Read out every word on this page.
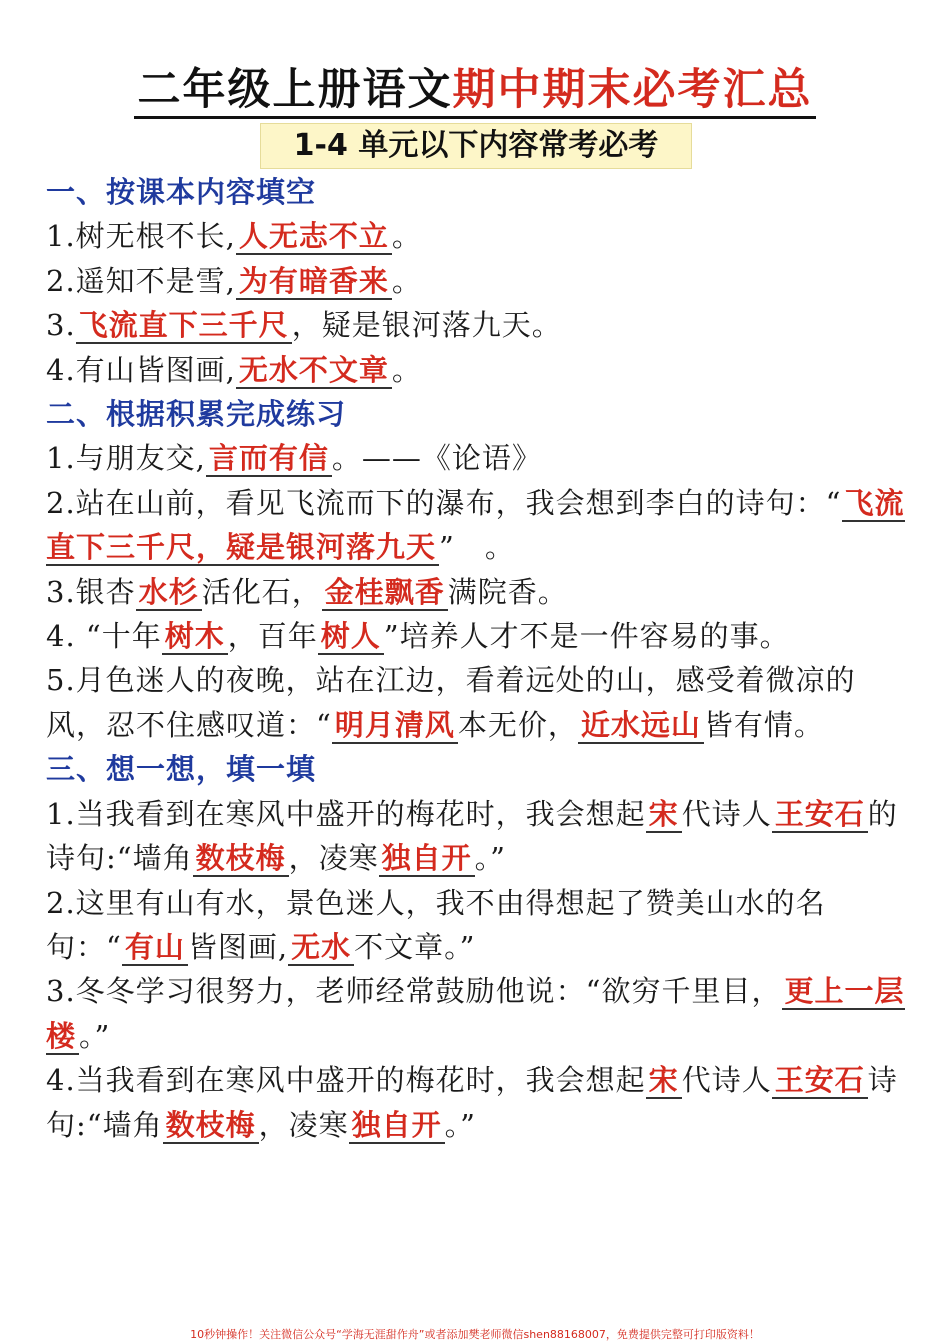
二年级上册语文期中期末必考汇总
1-4 单元以下内容常考必考

一、按课本内容填空

1.树无根不长, 人无志不立 。

2.遥知不是雪, 为有暗香来 。

3. 飞流直下三千尺 ，疑是银河落九天。

4.有山皆图画, 无水不文章 。

二、根据积累完成练习

1.与朋友交, 言而有信 。——《论语》

2.站在山前，看见飞流而下的瀑布，我会想到李白的诗句：“ 飞流直下三千尺，疑是银河落九天 ”　。

3.银杏 水杉 活化石， 金桂飘香 满院香。

4. “十年 树木 ，百年 树人 ”培养人才不是一件容易的事。

5.月色迷人的夜晚，站在江边，看着远处的山，感受着微凉的风，忍不住感叹道：“ 明月清风 本无价， 近水远山 皆有情。

三、想一想，填一填

1.当我看到在寒风中盛开的梅花时，我会想起 宋 代诗人 王安石 的诗句:“墙角 数枝梅 ，凌寒 独自开 。”

2.这里有山有水，景色迷人，我不由得想起了赞美山水的名句：“ 有山 皆图画, 无水 不文章。”

3.冬冬学习很努力，老师经常鼓励他说：“欲穷千里目， 更上一层楼 。”

4.当我看到在寒风中盛开的梅花时，我会想起 宋 代诗人 王安石 诗句:“墙角 数枝梅 ，凌寒 独自开 。”

10秒钟操作！关注微信公众号“学海无涯甜作舟”或者添加樊老师微信shen88168007，免费提供完整可打印版资料！
